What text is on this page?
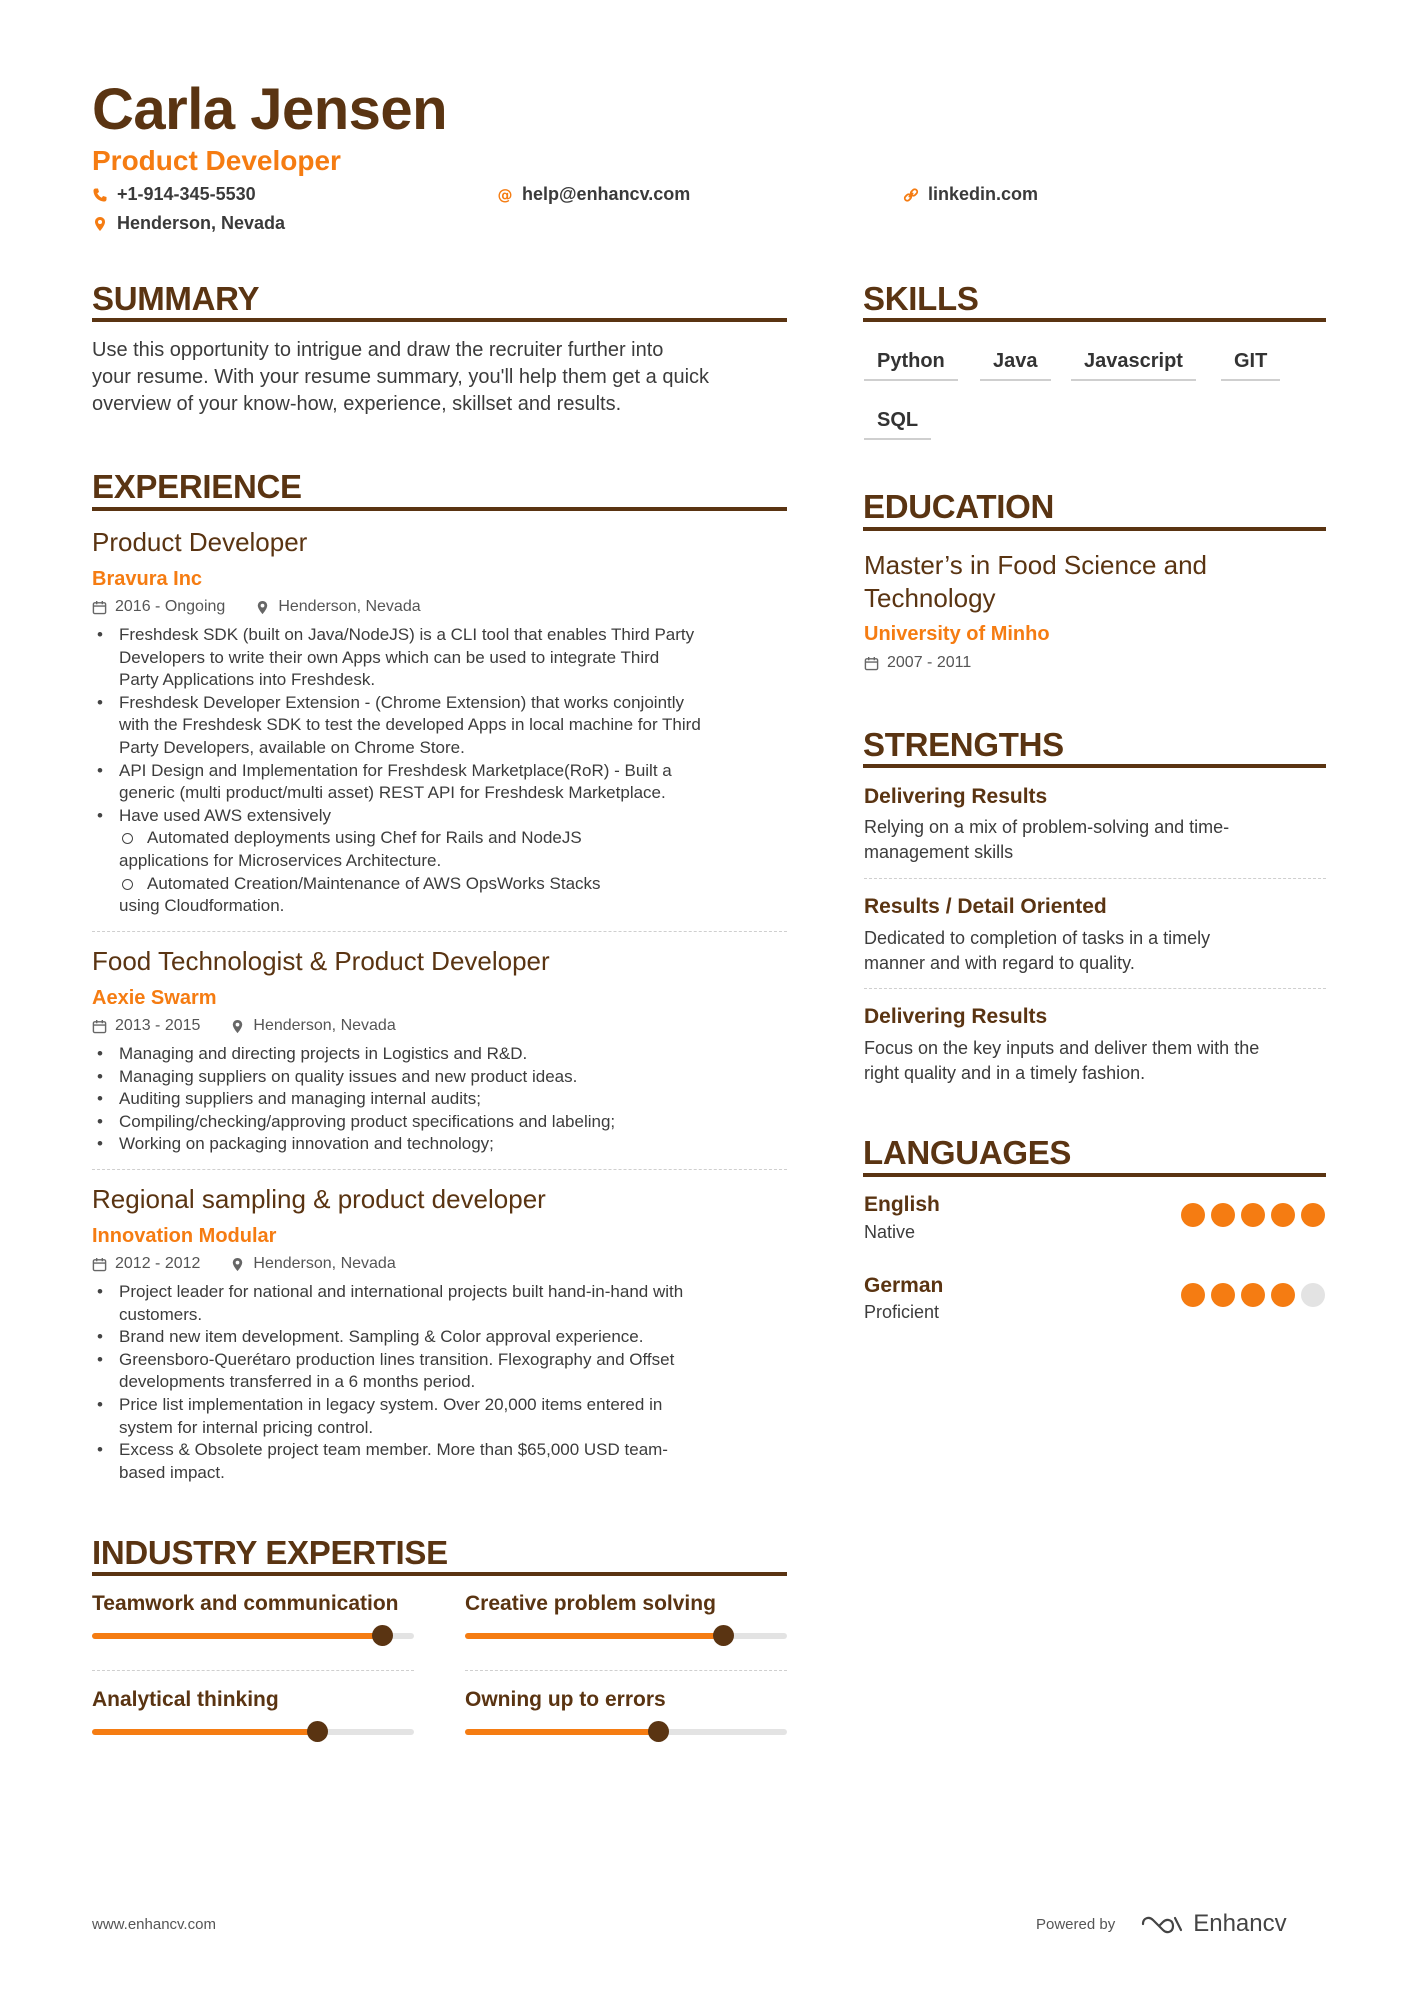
Carla Jensen
Product Developer
+1-914-345-5530	@ help@enhancv.com	linkedin.com
Henderson, Nevada
SUMMARY
Use this opportunity to intrigue and draw the recruiter further into
your resume. With your resume summary, you'll help them get a quick
overview of your know-how, experience, skillset and results.
EXPERIENCE
Product Developer
Bravura Inc
2016 - Ongoing	Henderson, Nevada
• Freshdesk SDK (built on Java/NodeJS) is a CLI tool that enables Third Party
Developers to write their own Apps which can be used to integrate Third
Party Applications into Freshdesk.
• Freshdesk Developer Extension - (Chrome Extension) that works conjointly
with the Freshdesk SDK to test the developed Apps in local machine for Third
Party Developers, available on Chrome Store.
• API Design and Implementation for Freshdesk Marketplace(RoR) - Built a
generic (multi product/multi asset) REST API for Freshdesk Marketplace.
• Have used AWS extensively
Automated deployments using Chef for Rails and NodeJS
applications for Microservices Architecture.
Automated Creation/Maintenance of AWS OpsWorks Stacks
using Cloudformation.
Food Technologist & Product Developer
Aexie Swarm
2013 - 2015	Henderson, Nevada
• Managing and directing projects in Logistics and R&D.
• Managing suppliers on quality issues and new product ideas.
• Auditing suppliers and managing internal audits;
• Compiling/checking/approving product specifications and labeling;
• Working on packaging innovation and technology;
Regional sampling & product developer
Innovation Modular
2012 - 2012	Henderson, Nevada
• Project leader for national and international projects built hand-in-hand with
customers.
• Brand new item development. Sampling & Color approval experience.
• Greensboro-Querétaro production lines transition. Flexography and Offset
developments transferred in a 6 months period.
• Price list implementation in legacy system. Over 20,000 items entered in
system for internal pricing control.
• Excess & Obsolete project team member. More than $65,000 USD team-
based impact.
INDUSTRY EXPERTISE
Teamwork and communication	Creative problem solving
Analytical thinking	Owning up to errors
SKILLS
Python	Java	Javascript	GIT
SQL
EDUCATION
Master’s in Food Science and
Technology
University of Minho
2007 - 2011
STRENGTHS
Delivering Results
Relying on a mix of problem-solving and time-
management skills
Results / Detail Oriented
Dedicated to completion of tasks in a timely
manner and with regard to quality.
Delivering Results
Focus on the key inputs and deliver them with the
right quality and in a timely fashion.
LANGUAGES
English
Native
German
Proficient
www.enhancv.com	Powered by	Enhancv
